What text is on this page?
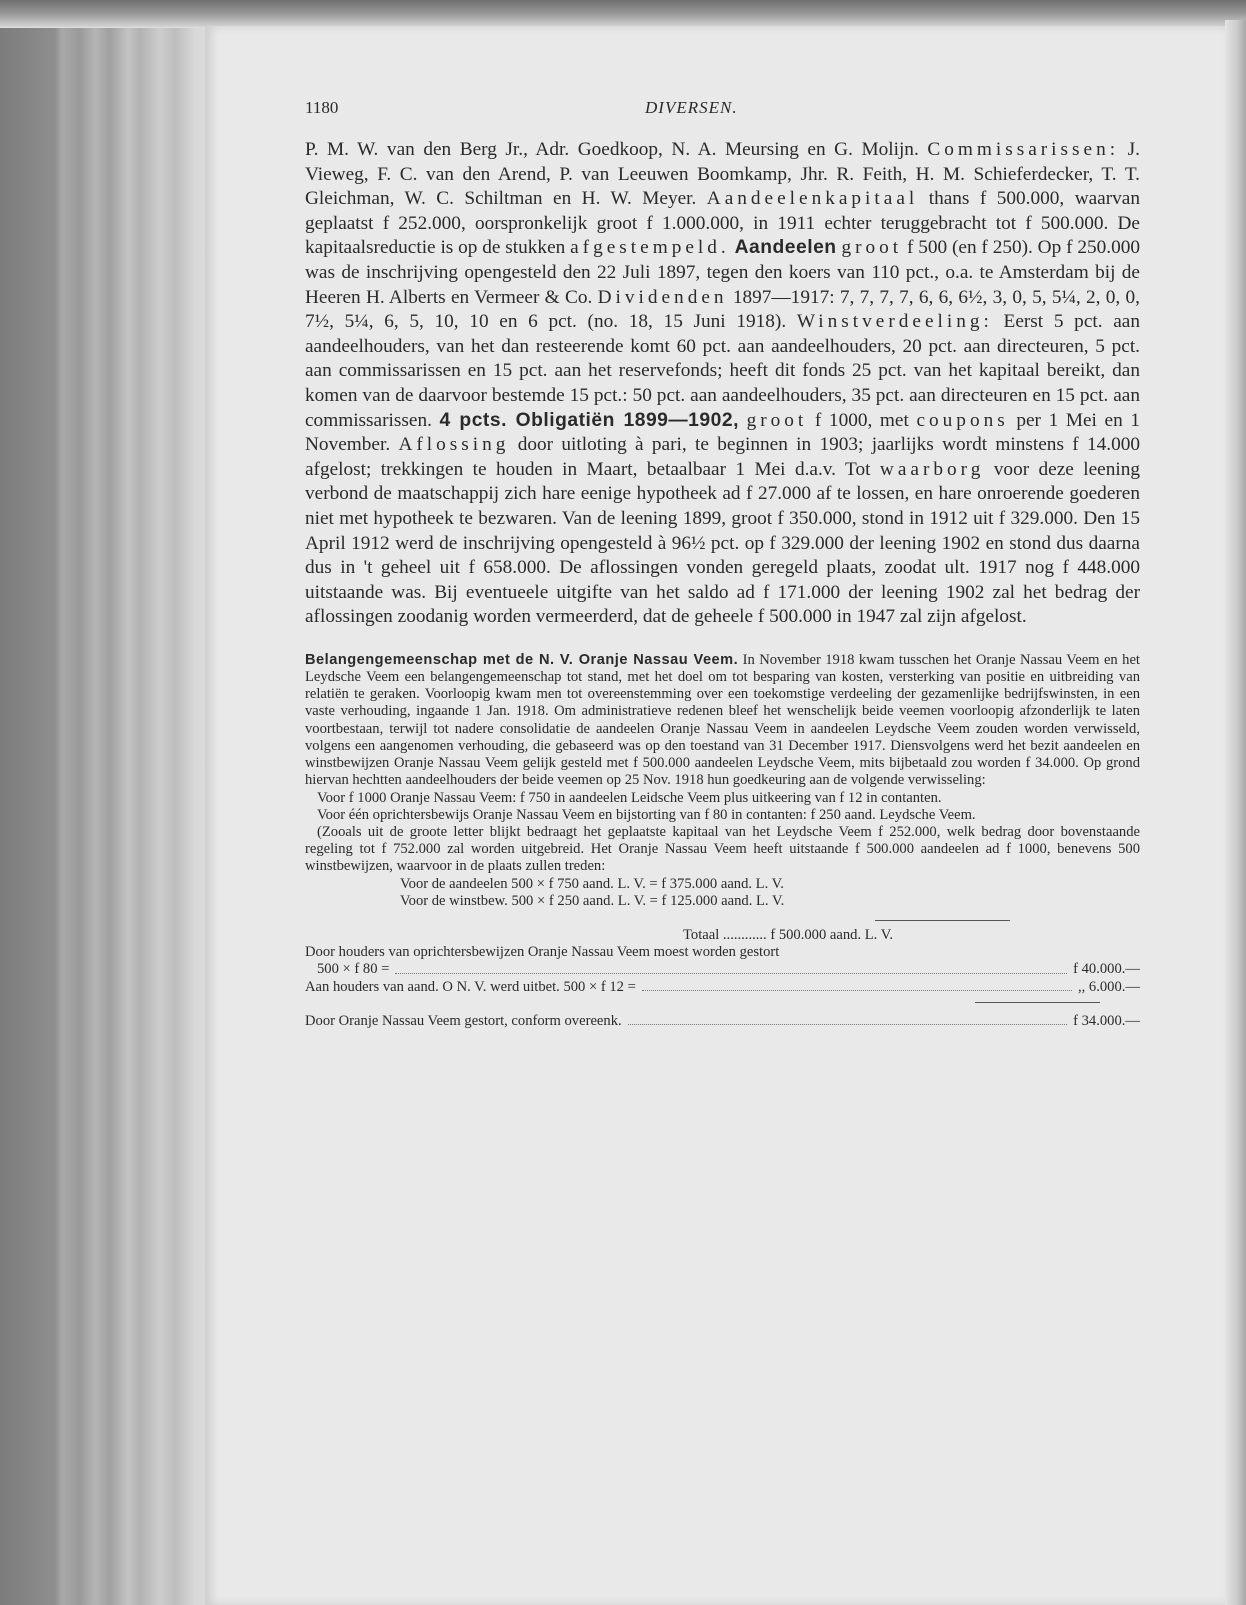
1180	DIVERSEN.

P. M. W. van den Berg Jr., Adr. Goedkoop, N. A. Meursing en G. Molijn. Commissarissen: J. Vieweg, F. C. van den Arend, P. van Leeuwen Boomkamp, Jhr. R. Feith, H. M. Schieferdecker, T. T. Gleichman, W. C. Schiltman en H. W. Meyer. Aandeelenkapitaal thans f 500.000, waarvan geplaatst f 252.000, oorspronkelijk groot f 1.000.000, in 1911 echter teruggebracht tot f 500.000. De kapitaalsreductie is op de stukken afgestempeld. Aandeelen groot f 500 (en f 250). Op f 250.000 was de inschrijving opengesteld den 22 Juli 1897, tegen den koers van 110 pct., o.a. te Amsterdam bij de Heeren H. Alberts en Vermeer & Co. Dividenden 1897—1917: 7, 7, 7, 7, 6, 6, 6½, 3, 0, 5, 5¼, 2, 0, 0, 7½, 5¼, 6, 5, 10, 10 en 6 pct. (no. 18, 15 Juni 1918). Winstverdeeling: Eerst 5 pct. aan aandeelhouders, van het dan resteerende komt 60 pct. aan aandeelhouders, 20 pct. aan directeuren, 5 pct. aan commissarissen en 15 pct. aan het reservefonds; heeft dit fonds 25 pct. van het kapitaal bereikt, dan komen van de daarvoor bestemde 15 pct.: 50 pct. aan aandeelhouders, 35 pct. aan directeuren en 15 pct. aan commissarissen. 4 pcts. Obligatiën 1899—1902, groot f 1000, met coupons per 1 Mei en 1 November. Aflossing door uitloting à pari, te beginnen in 1903; jaarlijks wordt minstens f 14.000 afgelost; trekkingen te houden in Maart, betaalbaar 1 Mei d.a.v. Tot waarborg voor deze leening verbond de maatschappij zich hare eenige hypotheek ad f 27.000 af te lossen, en hare onroerende goederen niet met hypotheek te bezwaren. Van de leening 1899, groot f 350.000, stond in 1912 uit f 329.000. Den 15 April 1912 werd de inschrijving opengesteld à 96½ pct. op f 329.000 der leening 1902 en stond dus daarna dus in 't geheel uit f 658.000. De aflossingen vonden geregeld plaats, zoodat ult. 1917 nog f 448.000 uitstaande was. Bij eventueele uitgifte van het saldo ad f 171.000 der leening 1902 zal het bedrag der aflossingen zoodanig worden vermeerderd, dat de geheele f 500.000 in 1947 zal zijn afgelost.

Belangengemeenschap met de N. V. Oranje Nassau Veem. In November 1918 kwam tusschen het Oranje Nassau Veem en het Leydsche Veem een belangengemeenschap tot stand, met het doel om tot besparing van kosten, versterking van positie en uitbreiding van relatiën te geraken. Voorloopig kwam men tot overeenstemming over een toekomstige verdeeling der gezamenlijke bedrijfswinsten, in een vaste verhouding, ingaande 1 Jan. 1918. Om administratieve redenen bleef het wenschelijk beide veemen voorloopig afzonderlijk te laten voortbestaan, terwijl tot nadere consolidatie de aandeelen Oranje Nassau Veem in aandeelen Leydsche Veem zouden worden verwisseld, volgens een aangenomen verhouding, die gebaseerd was op den toestand van 31 December 1917. Diensvolgens werd het bezit aandeelen en winstbewijzen Oranje Nassau Veem gelijk gesteld met f 500.000 aandeelen Leydsche Veem, mits bijbetaald zou worden f 34.000. Op grond hiervan hechtten aandeelhouders der beide veemen op 25 Nov. 1918 hun goedkeuring aan de volgende verwisseling:

Voor f 1000 Oranje Nassau Veem: f 750 in aandeelen Leidsche Veem plus uitkeering van f 12 in contanten.

Voor één oprichtersbewijs Oranje Nassau Veem en bijstorting van f 80 in contanten: f 250 aand. Leydsche Veem.

(Zooals uit de groote letter blijkt bedraagt het geplaatste kapitaal van het Leydsche Veem f 252.000, welk bedrag door bovenstaande regeling tot f 752.000 zal worden uitgebreid. Het Oranje Nassau Veem heeft uitstaande f 500.000 aandeelen ad f 1000, benevens 500 winstbewijzen, waarvoor in de plaats zullen treden:

Voor de aandeelen 500 × f 750 aand. L. V. = f 375.000 aand. L. V.
Voor de winstbew. 500 × f 250 aand. L. V. = f 125.000 aand. L. V.
Totaal ............ f 500.000 aand. L. V.
Door houders van oprichtersbewijzen Oranje Nassau Veem moest worden gestort
500 × f 80 =	f 40.000.—
Aan houders van aand. O N. V. werd uitbet. 500 × f 12 =	,, 6.000.—
Door Oranje Nassau Veem gestort, conform overeenk.	f 34.000.—
